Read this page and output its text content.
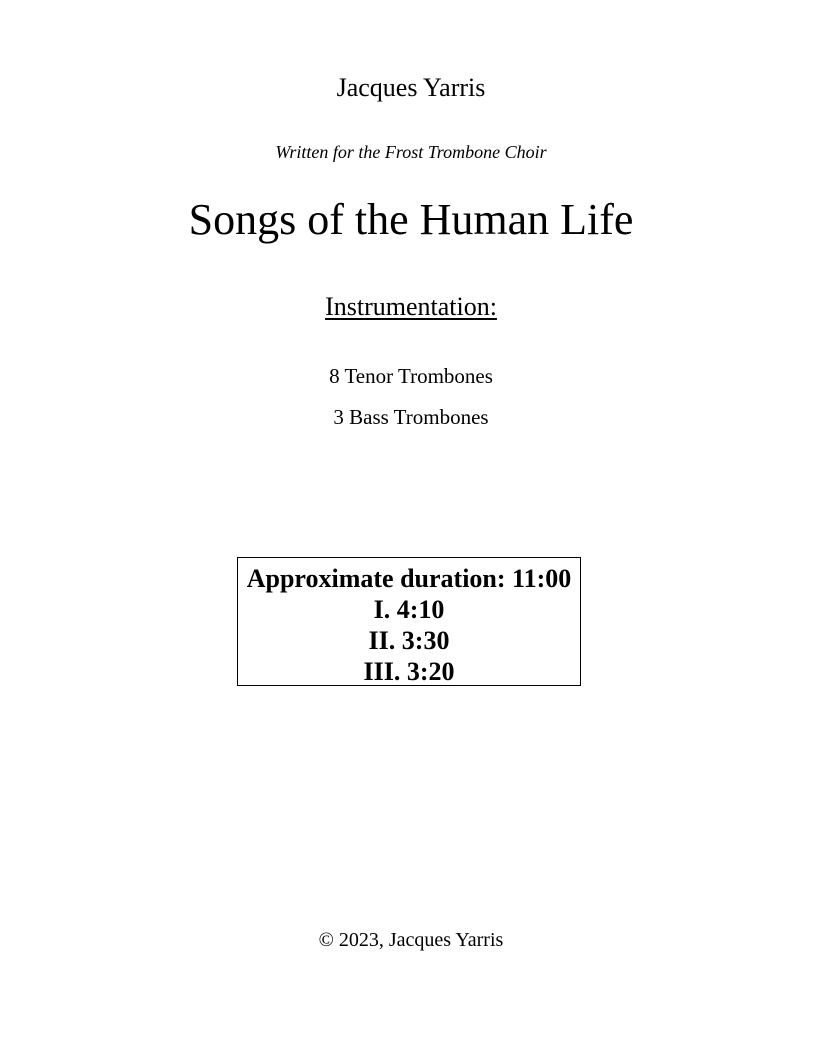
Jacques Yarris
Written for the Frost Trombone Choir
Songs of the Human Life
Instrumentation:
8 Tenor Trombones
3 Bass Trombones
Approximate duration: 11:00
I. 4:10
II. 3:30
III. 3:20
© 2023, Jacques Yarris
